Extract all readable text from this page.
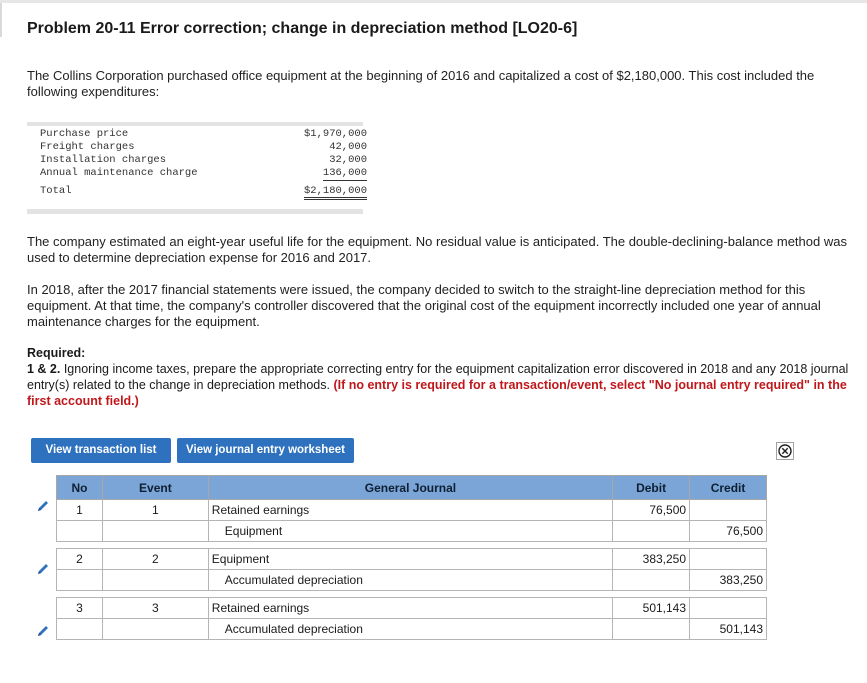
Problem 20-11 Error correction; change in depreciation method [LO20-6]
The Collins Corporation purchased office equipment at the beginning of 2016 and capitalized a cost of $2,180,000. This cost included the following expenditures:
Purchase price	$1,970,000
Freight charges	42,000
Installation charges	32,000
Annual maintenance charge	136,000
Total	$2,180,000
The company estimated an eight-year useful life for the equipment. No residual value is anticipated. The double-declining-balance method was used to determine depreciation expense for 2016 and 2017.
In 2018, after the 2017 financial statements were issued, the company decided to switch to the straight-line depreciation method for this equipment. At that time, the company's controller discovered that the original cost of the equipment incorrectly included one year of annual maintenance charges for the equipment.
Required:
1 & 2. Ignoring income taxes, prepare the appropriate correcting entry for the equipment capitalization error discovered in 2018 and any 2018 journal entry(s) related to the change in depreciation methods. (If no entry is required for a transaction/event, select "No journal entry required" in the first account field.)
View transaction list	View journal entry worksheet
No	Event	General Journal	Debit	Credit
1	1	Retained earnings	76,500	
		Equipment		76,500

2	2	Equipment	383,250	
		Accumulated depreciation		383,250

3	3	Retained earnings	501,143	
		Accumulated depreciation		501,143
